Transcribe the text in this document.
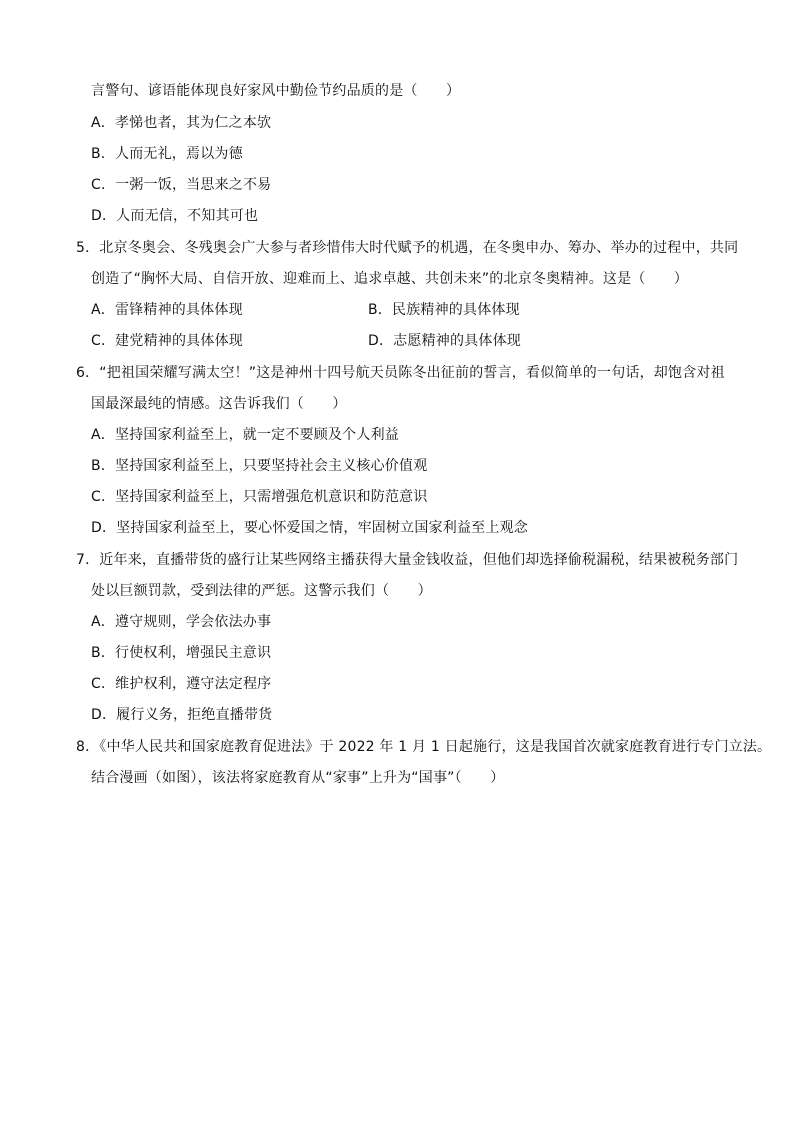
言警句、谚语能体现良好家风中勤俭节约品质的是（　　）
A．孝悌也者，其为仁之本欤
B．人而无礼，焉以为德
C．一粥一饭，当思来之不易
D．人而无信，不知其可也
5．北京冬奥会、冬残奥会广大参与者珍惜伟大时代赋予的机遇，在冬奥申办、筹办、举办的过程中，共同
创造了“胸怀大局、自信开放、迎难而上、追求卓越、共创未来”的北京冬奥精神。这是（　　）
A．雷锋精神的具体体现	B．民族精神的具体体现
C．建党精神的具体体现	D．志愿精神的具体体现
6．“把祖国荣耀写满太空！”这是神州十四号航天员陈冬出征前的誓言，看似简单的一句话，却饱含对祖
国最深最纯的情感。这告诉我们（　　）
A．坚持国家利益至上，就一定不要顾及个人利益
B．坚持国家利益至上，只要坚持社会主义核心价值观
C．坚持国家利益至上，只需增强危机意识和防范意识
D．坚持国家利益至上，要心怀爱国之情，牢固树立国家利益至上观念
7．近年来，直播带货的盛行让某些网络主播获得大量金钱收益，但他们却选择偷税漏税，结果被税务部门
处以巨额罚款，受到法律的严惩。这警示我们（　　）
A．遵守规则，学会依法办事
B．行使权利，增强民主意识
C．维护权利，遵守法定程序
D．履行义务，拒绝直播带货
8．《中华人民共和国家庭教育促进法》于 2022 年 1 月 1 日起施行，这是我国首次就家庭教育进行专门立法。
结合漫画（如图），该法将家庭教育从“家事”上升为“国事”（　　）
